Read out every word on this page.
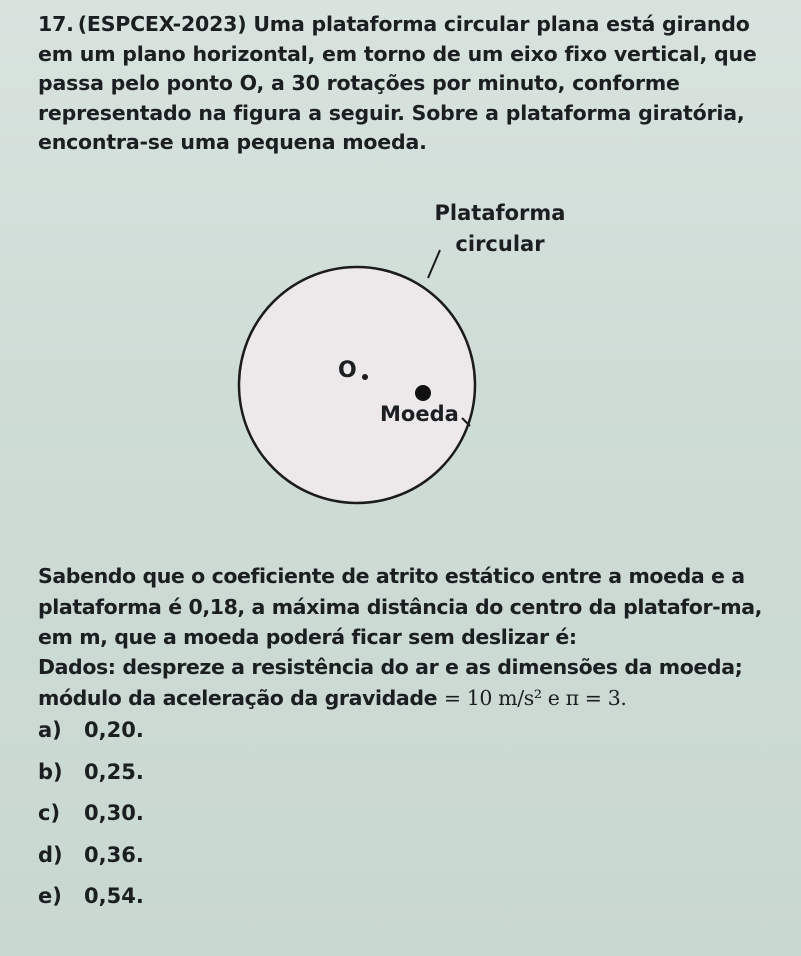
17. (ESPCEX-2023) Uma plataforma circular plana está girando em um plano horizontal, em torno de um eixo fixo vertical, que passa pelo ponto O, a 30 rotações por minuto, conforme representado na figura a seguir. Sobre a plataforma giratória, encontra-se uma pequena moeda.
Plataforma
circular
O
Moeda
Sabendo que o coeficiente de atrito estático entre a moeda e a plataforma é 0,18, a máxima distância do centro da platafor-ma, em m, que a moeda poderá ficar sem deslizar é:
Dados: despreze a resistência do ar e as dimensões da moeda;
módulo da aceleração da gravidade = 10 m/s² e π = 3.
a)	0,20.
b)	0,25.
c)	0,30.
d)	0,36.
e)	0,54.
